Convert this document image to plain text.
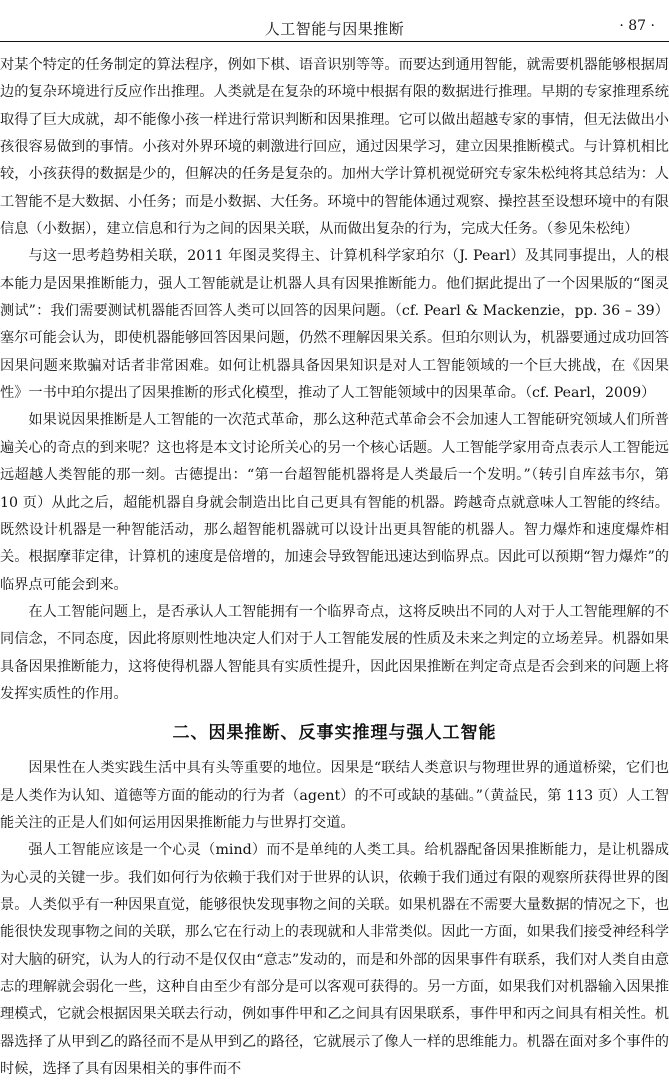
人工智能与因果推断	· 87 ·

对某个特定的任务制定的算法程序，例如下棋、语音识别等等。而要达到通用智能，就需要机器能够根据周边的复杂环境进行反应作出推理。人类就是在复杂的环境中根据有限的数据进行推理。早期的专家推理系统取得了巨大成就，却不能像小孩一样进行常识判断和因果推理。它可以做出超越专家的事情，但无法做出小孩很容易做到的事情。小孩对外界环境的刺激进行回应，通过因果学习，建立因果推断模式。与计算机相比较，小孩获得的数据是少的，但解决的任务是复杂的。加州大学计算机视觉研究专家朱松纯将其总结为：人工智能不是大数据、小任务；而是小数据、大任务。环境中的智能体通过观察、操控甚至设想环境中的有限信息（小数据），建立信息和行为之间的因果关联，从而做出复杂的行为，完成大任务。（参见朱松纯）

与这一思考趋势相关联，2011 年图灵奖得主、计算机科学家珀尔（J. Pearl）及其同事提出，人的根本能力是因果推断能力，强人工智能就是让机器人具有因果推断能力。他们据此提出了一个因果版的“图灵测试”：我们需要测试机器能否回答人类可以回答的因果问题。（cf. Pearl & Mackenzie，pp. 36 – 39）塞尔可能会认为，即使机器能够回答因果问题，仍然不理解因果关系。但珀尔则认为，机器要通过成功回答因果问题来欺骗对话者非常困难。如何让机器具备因果知识是对人工智能领域的一个巨大挑战，在《因果性》一书中珀尔提出了因果推断的形式化模型，推动了人工智能领域中的因果革命。（cf. Pearl，2009）

如果说因果推断是人工智能的一次范式革命，那么这种范式革命会不会加速人工智能研究领域人们所普遍关心的奇点的到来呢？这也将是本文讨论所关心的另一个核心话题。人工智能学家用奇点表示人工智能远远超越人类智能的那一刻。古德提出：“第一台超智能机器将是人类最后一个发明。”（转引自库兹韦尔，第 10 页）从此之后，超能机器自身就会制造出比自己更具有智能的机器。跨越奇点就意味人工智能的终结。既然设计机器是一种智能活动，那么超智能机器就可以设计出更具智能的机器人。智力爆炸和速度爆炸相关。根据摩菲定律，计算机的速度是倍增的，加速会导致智能迅速达到临界点。因此可以预期“智力爆炸”的临界点可能会到来。

在人工智能问题上，是否承认人工智能拥有一个临界奇点，这将反映出不同的人对于人工智能理解的不同信念，不同态度，因此将原则性地决定人们对于人工智能发展的性质及未来之判定的立场差异。机器如果具备因果推断能力，这将使得机器人智能具有实质性提升，因此因果推断在判定奇点是否会到来的问题上将发挥实质性的作用。

二、因果推断、反事实推理与强人工智能

因果性在人类实践生活中具有头等重要的地位。因果是“联结人类意识与物理世界的通道桥梁，它们也是人类作为认知、道德等方面的能动的行为者（agent）的不可或缺的基础。”（黄益民，第 113 页）人工智能关注的正是人们如何运用因果推断能力与世界打交道。

强人工智能应该是一个心灵（mind）而不是单纯的人类工具。给机器配备因果推断能力，是让机器成为心灵的关键一步。我们如何行为依赖于我们对于世界的认识，依赖于我们通过有限的观察所获得世界的图景。人类似乎有一种因果直觉，能够很快发现事物之间的关联。如果机器在不需要大量数据的情况之下，也能很快发现事物之间的关联，那么它在行动上的表现就和人非常类似。因此一方面，如果我们接受神经科学对大脑的研究，认为人的行动不是仅仅由“意志”发动的，而是和外部的因果事件有联系，我们对人类自由意志的理解就会弱化一些，这种自由至少有部分是可以客观可获得的。另一方面，如果我们对机器输入因果推理模式，它就会根据因果关联去行动，例如事件甲和乙之间具有因果联系，事件甲和丙之间具有相关性。机器选择了从甲到乙的路径而不是从甲到乙的路径，它就展示了像人一样的思维能力。机器在面对多个事件的时候，选择了具有因果相关的事件而不
